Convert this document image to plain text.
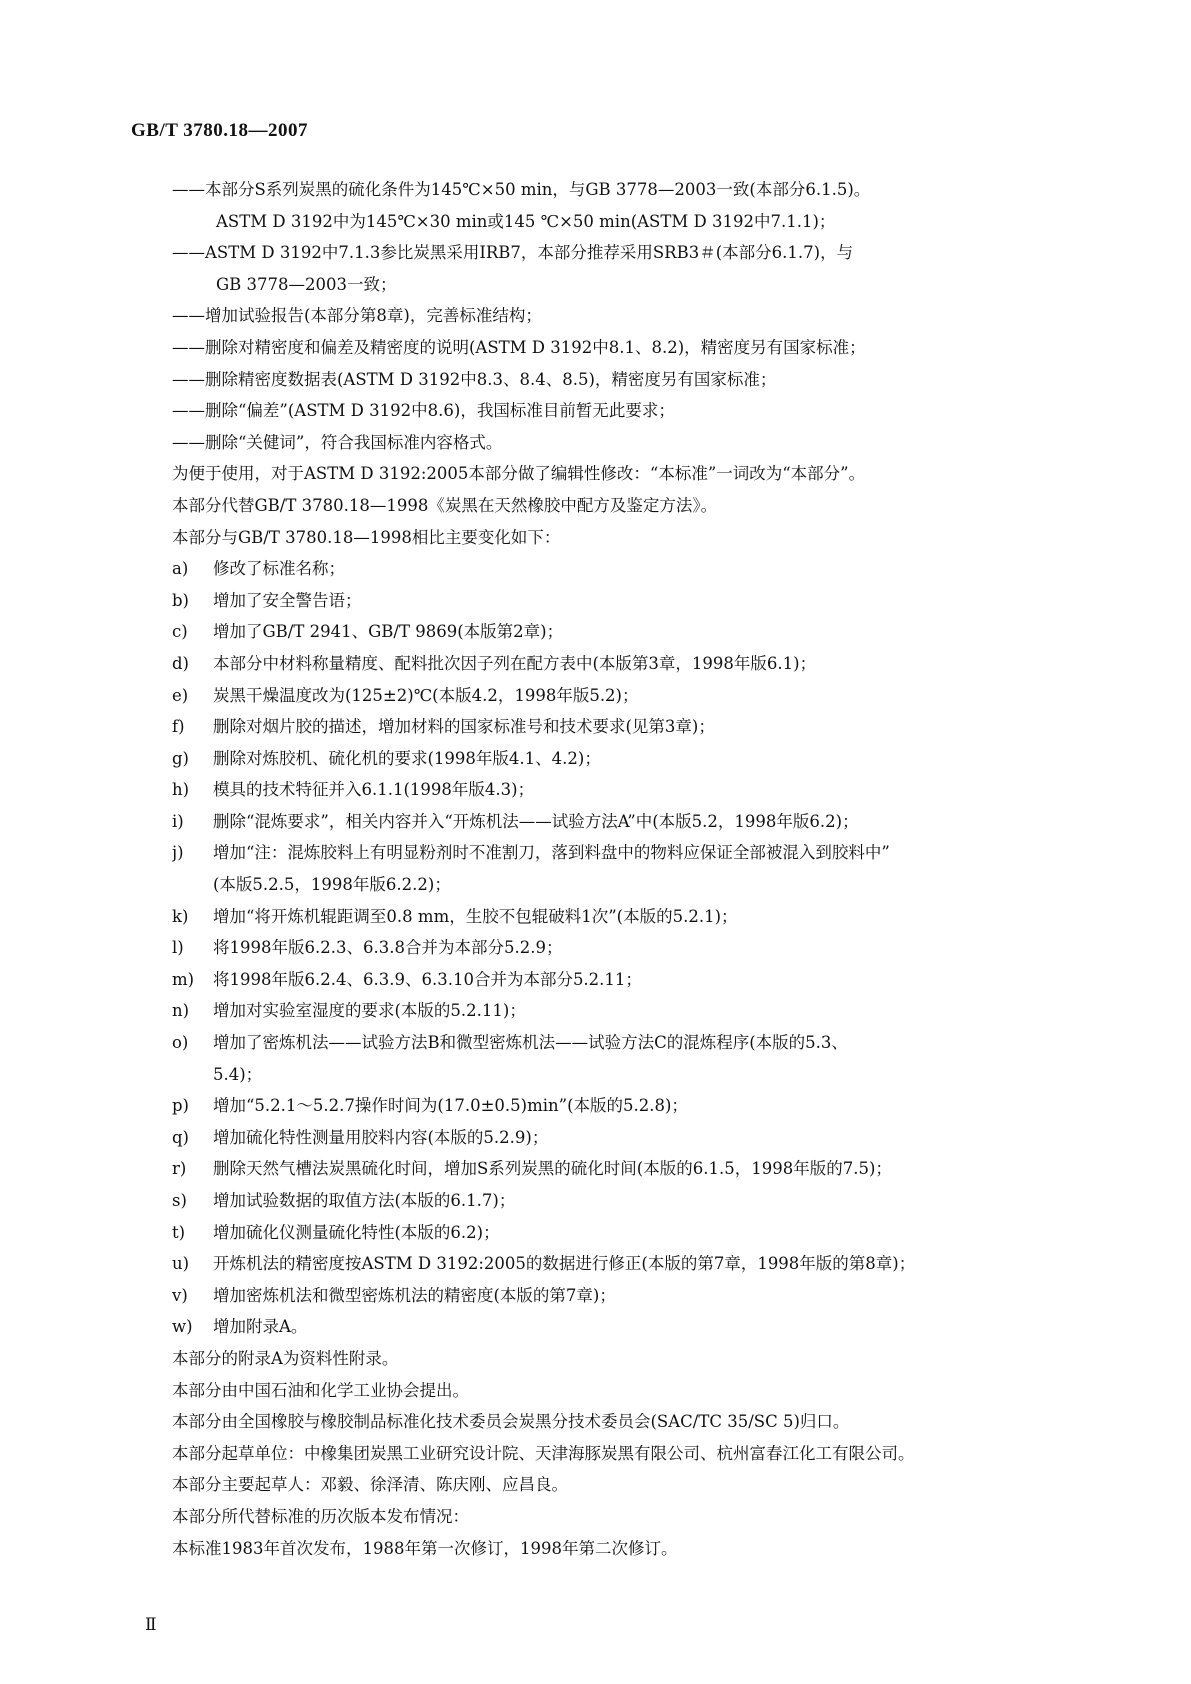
GB/T 3780.18—2007
——本部分S系列炭黑的硫化条件为145℃×50 min，与GB 3778—2003一致(本部分6.1.5)。
ASTM D 3192中为145℃×30 min或145 ℃×50 min(ASTM D 3192中7.1.1)；
——ASTM D 3192中7.1.3参比炭黑采用IRB7，本部分推荐采用SRB3＃(本部分6.1.7)，与
GB 3778—2003一致；
——增加试验报告(本部分第8章)，完善标准结构；
——删除对精密度和偏差及精密度的说明(ASTM D 3192中8.1、8.2)，精密度另有国家标准；
——删除精密度数据表(ASTM D 3192中8.3、8.4、8.5)，精密度另有国家标准；
——删除“偏差”(ASTM D 3192中8.6)，我国标准目前暂无此要求；
——删除“关健词”，符合我国标准内容格式。
为便于使用，对于ASTM D 3192:2005本部分做了编辑性修改：“本标准”一词改为“本部分”。
本部分代替GB/T 3780.18—1998《炭黑在天然橡胶中配方及鉴定方法》。
本部分与GB/T 3780.18—1998相比主要变化如下：
a)	修改了标准名称；
b)	增加了安全警告语；
c)	增加了GB/T 2941、GB/T 9869(本版第2章)；
d)	本部分中材料称量精度、配料批次因子列在配方表中(本版第3章，1998年版6.1)；
e)	炭黑干燥温度改为(125±2)℃(本版4.2，1998年版5.2)；
f)	删除对烟片胶的描述，增加材料的国家标准号和技术要求(见第3章)；
g)	删除对炼胶机、硫化机的要求(1998年版4.1、4.2)；
h)	模具的技术特征并入6.1.1(1998年版4.3)；
i)	删除“混炼要求”，相关内容并入“开炼机法——试验方法A”中(本版5.2，1998年版6.2)；
j)	增加“注：混炼胶料上有明显粉剂时不准割刀，落到料盘中的物料应保证全部被混入到胶料中”
(本版5.2.5，1998年版6.2.2)；
k)	增加“将开炼机辊距调至0.8 mm，生胶不包辊破料1次”(本版的5.2.1)；
l)	将1998年版6.2.3、6.3.8合并为本部分5.2.9；
m)	将1998年版6.2.4、6.3.9、6.3.10合并为本部分5.2.11；
n)	增加对实验室湿度的要求(本版的5.2.11)；
o)	增加了密炼机法——试验方法B和微型密炼机法——试验方法C的混炼程序(本版的5.3、
5.4)；
p)	增加“5.2.1～5.2.7操作时间为(17.0±0.5)min”(本版的5.2.8)；
q)	增加硫化特性测量用胶料内容(本版的5.2.9)；
r)	删除天然气槽法炭黑硫化时间，增加S系列炭黑的硫化时间(本版的6.1.5，1998年版的7.5)；
s)	增加试验数据的取值方法(本版的6.1.7)；
t)	增加硫化仪测量硫化特性(本版的6.2)；
u)	开炼机法的精密度按ASTM D 3192:2005的数据进行修正(本版的第7章，1998年版的第8章)；
v)	增加密炼机法和微型密炼机法的精密度(本版的第7章)；
w)	增加附录A。
本部分的附录A为资料性附录。
本部分由中国石油和化学工业协会提出。
本部分由全国橡胶与橡胶制品标准化技术委员会炭黑分技术委员会(SAC/TC 35/SC 5)归口。
本部分起草单位：中橡集团炭黑工业研究设计院、天津海豚炭黑有限公司、杭州富春江化工有限公司。
本部分主要起草人：邓毅、徐泽清、陈庆刚、应昌良。
本部分所代替标准的历次版本发布情况：
本标准1983年首次发布，1988年第一次修订，1998年第二次修订。
Ⅱ
